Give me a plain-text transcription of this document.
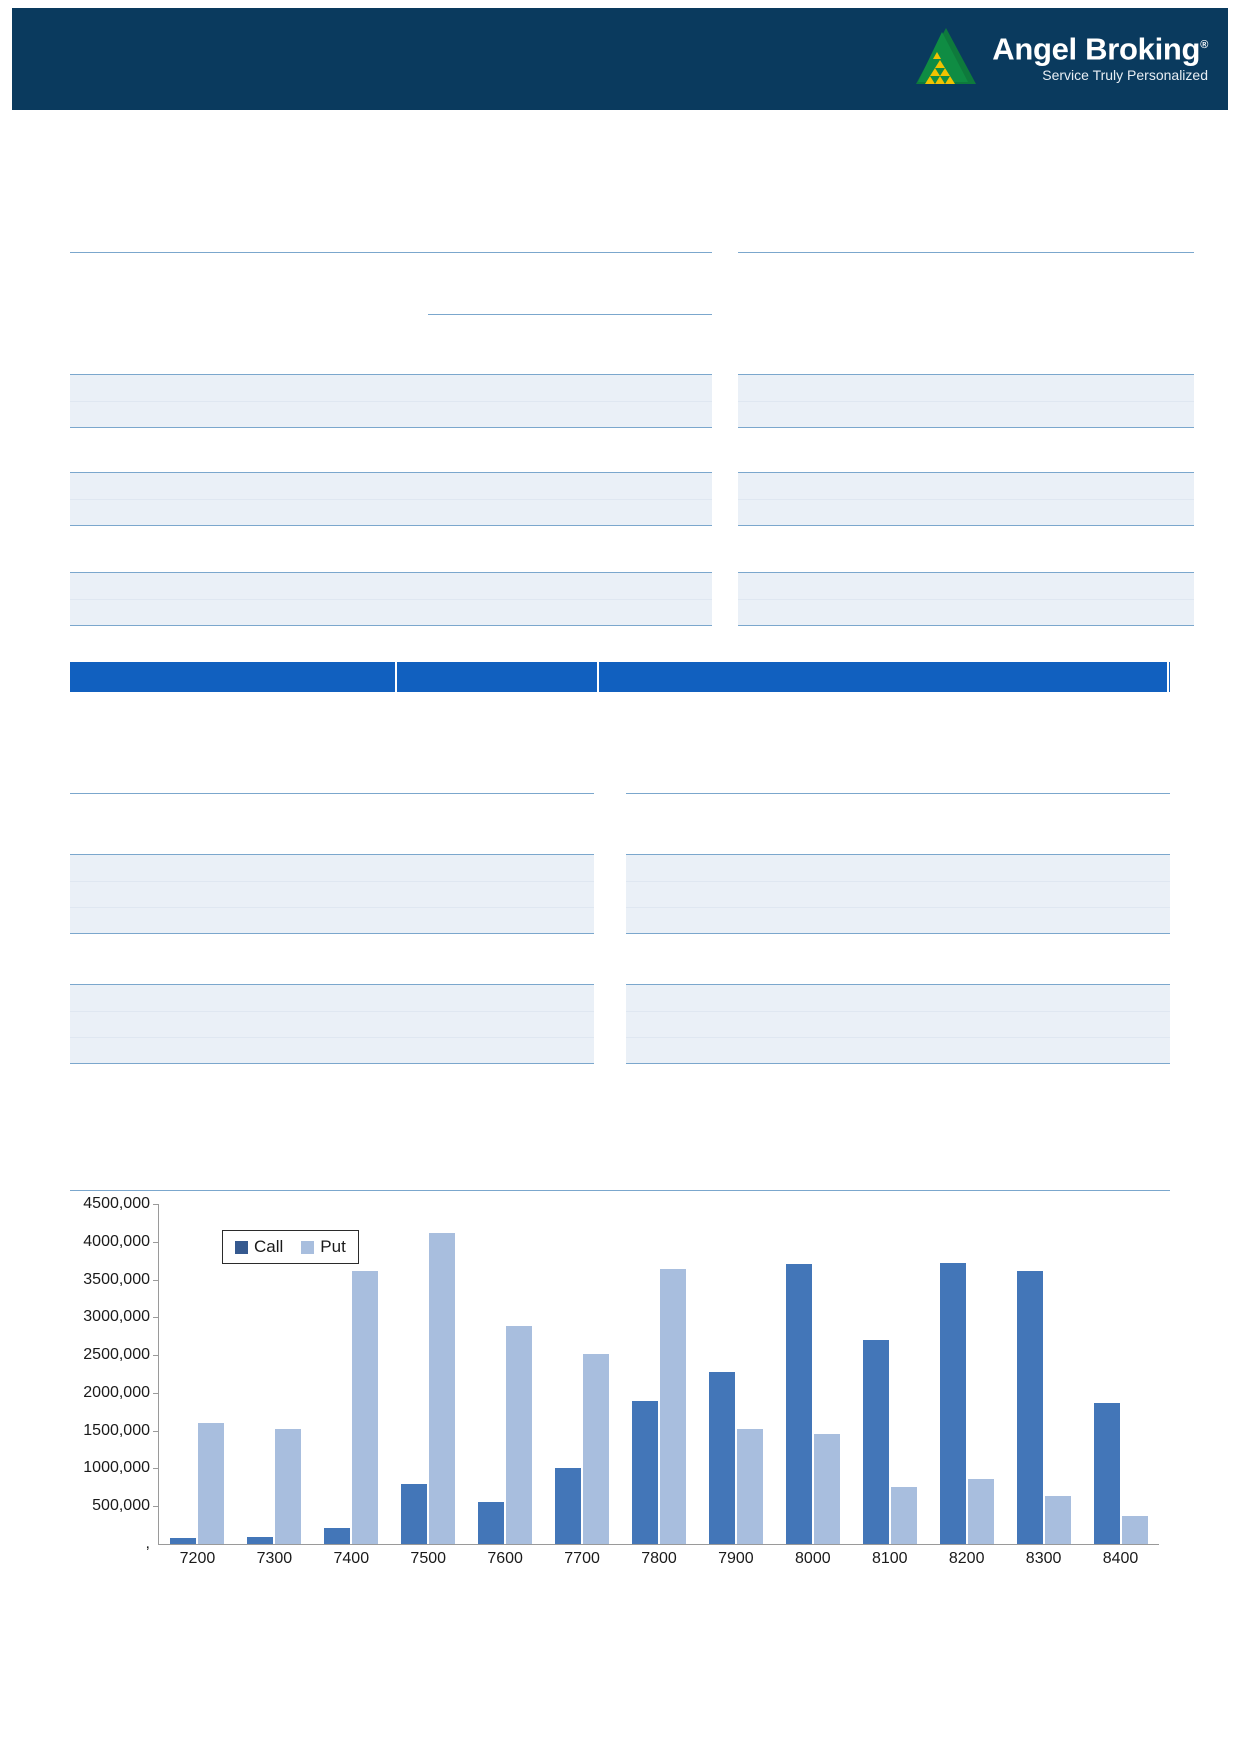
Angel Broking®
Service Truly Personalized
4500,000
4000,000
3500,000
3000,000
2500,000
2000,000
1500,000
1000,000
500,000
,
7200	7300	7400	7500	7600	7700	7800	7900	8000	8100	8200	8300	8400
Call Put
